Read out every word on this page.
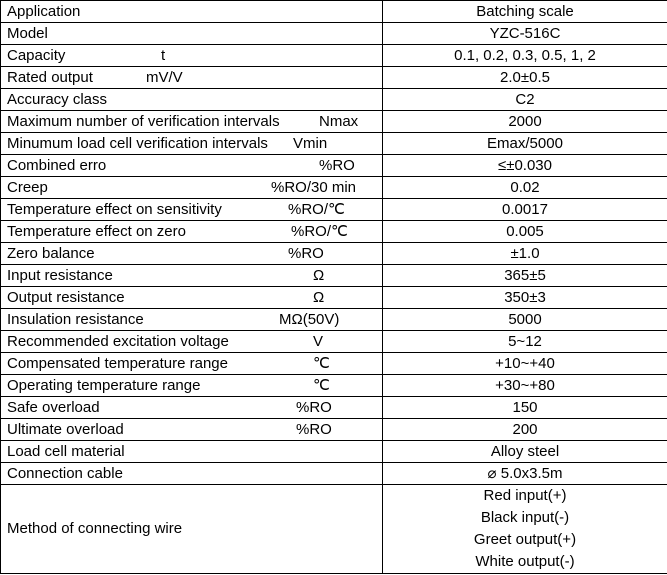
Application	Batching scale
Model	YZC-516C
Capacity t	0.1, 0.2, 0.3, 0.5, 1, 2
Rated output mV/V	2.0±0.5
Accuracy class	C2
Maximum number of verification intervals Nmax	2000
Minumum load cell verification intervals Vmin	Emax/5000
Combined erro %RO	≤±0.030
Creep %RO/30 min	0.02
Temperature effect on sensitivity %RO/℃	0.0017
Temperature effect on zero %RO/℃	0.005
Zero balance %RO	±1.0
Input resistance Ω	365±5
Output resistance Ω	350±3
Insulation resistance MΩ(50V)	5000
Recommended excitation voltage V	5~12
Compensated temperature range ℃	+10~+40
Operating temperature range ℃	+30~+80
Safe overload %RO	150
Ultimate overload %RO	200
Load cell material	Alloy steel
Connection cable	⌀ 5.0x3.5m
Method of connecting wire	Red input(+)
Black input(-)
Greet output(+)
White output(-)
